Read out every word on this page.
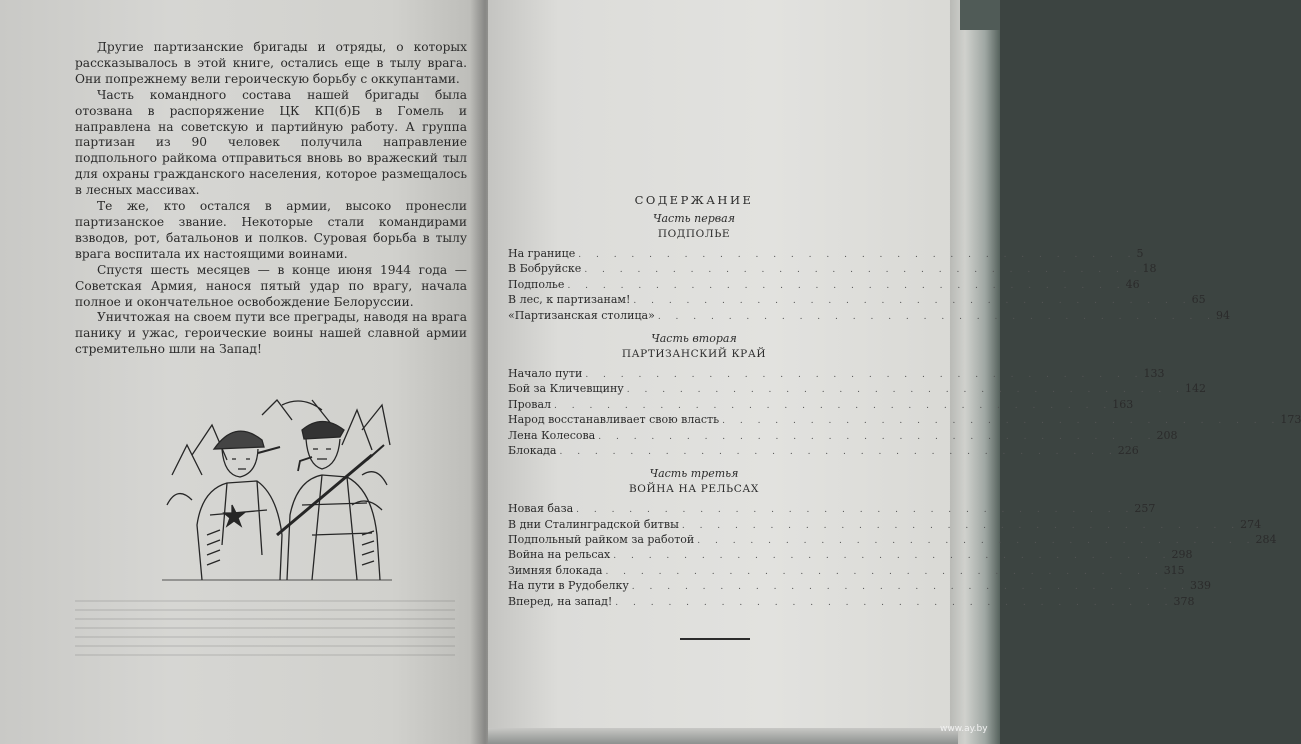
Другие партизанские бригады и отряды, о которых рассказывалось в этой книге, остались еще в тылу врага. Они попрежнему вели героическую борьбу с оккупантами.

Часть командного состава нашей бригады была отозвана в распоряжение ЦК КП(б)Б в Гомель и направлена на советскую и партийную работу. А группа партизан из 90 человек получила направление подпольного райкома отправиться вновь во вражеский тыл для охраны гражданского населения, которое размещалось в лесных массивах.

Те же, кто остался в армии, высоко пронесли партизанское звание. Некоторые стали командирами взводов, рот, батальонов и полков. Суровая борьба в тылу врага воспитала их настоящими воинами.

Спустя шесть месяцев — в конце июня 1944 года — Советская Армия, нанося пятый удар по врагу, начала полное и окончательное освобождение Белоруссии.

Уничтожая на своем пути все преграды, наводя на врага панику и ужас, героические воины нашей славной армии стремительно шли на Запад!

СОДЕРЖАНИЕ
Часть первая
ПОДПОЛЬЕ
На границе . . . . . . . . . . . . . . . . . . . . . . . . . . . . . . . . 5
В Бобруйске . . . . . . . . . . . . . . . . . . . . . . . . . . . . . . . . 18
Подполье . . . . . . . . . . . . . . . . . . . . . . . . . . . . . . . . 46
В лес, к партизанам! . . . . . . . . . . . . . . . . . . . . . . . . . . . . . . . . 65
«Партизанская столица» . . . . . . . . . . . . . . . . . . . . . . . . . . . . . . . . 94
Часть вторая
ПАРТИЗАНСКИЙ КРАЙ
Начало пути . . . . . . . . . . . . . . . . . . . . . . . . . . . . . . . . 133
Бой за Кличевщину . . . . . . . . . . . . . . . . . . . . . . . . . . . . . . . . 142
Провал . . . . . . . . . . . . . . . . . . . . . . . . . . . . . . . . 163
Народ восстанавливает свою власть . . . . . . . . . . . . . . . . . . . . . . . . . . . . . . . . 173
Лена Колесова . . . . . . . . . . . . . . . . . . . . . . . . . . . . . . . . 208
Блокада . . . . . . . . . . . . . . . . . . . . . . . . . . . . . . . . 226
Часть третья
ВОЙНА НА РЕЛЬСАХ
Новая база . . . . . . . . . . . . . . . . . . . . . . . . . . . . . . . . 257
В дни Сталинградской битвы . . . . . . . . . . . . . . . . . . . . . . . . . . . . . . . . 274
Подпольный райком за работой . . . . . . . . . . . . . . . . . . . . . . . . . . . . . . . . 284
Война на рельсах . . . . . . . . . . . . . . . . . . . . . . . . . . . . . . . . 298
Зимняя блокада . . . . . . . . . . . . . . . . . . . . . . . . . . . . . . . . 315
На пути в Рудобелку . . . . . . . . . . . . . . . . . . . . . . . . . . . . . . . . 339
Вперед, на запад! . . . . . . . . . . . . . . . . . . . . . . . . . . . . . . . . 378
www.ay.by
